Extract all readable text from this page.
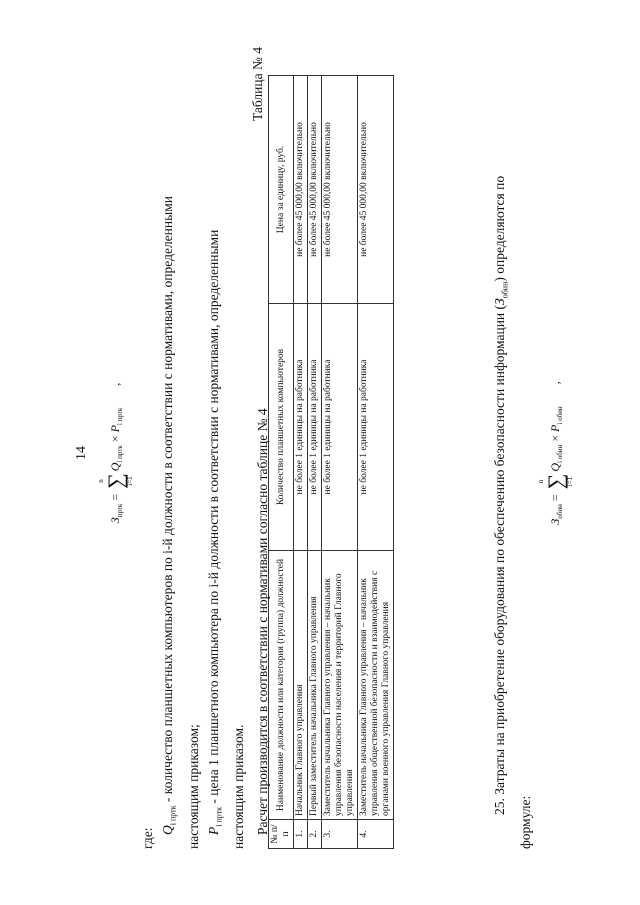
14
$З_{пртк}$ =
n
∑
i=1
$Q_{i пртк} \times P_{i пртк}$,
где: $Q_{i пртк}$ - количество планшетных компьютеров по i-й должности в соответствии с нормативами, определенными настоящим приказом; $P_{i пртк}$ - цена 1 планшетного компьютера по i-й должности в соответствии с нормативами, определенными настоящим приказом. Расчет производится в соответствии с нормативами согласно таблице № 4
Таблица № 4
№ п/п	Наименование должности или категория (группа) должностей	Количество планшетных компьютеров	Цена за единицу, руб.
1.	Начальник Главного управления	не более 1 единицы на работника	не более 45 000,00 включительно
2.	Первый заместитель начальника Главного управления	не более 1 единицы на работника	не более 45 000,00 включительно
3.	Заместитель начальника Главного управления – начальник управления безопасности населения и территорий Главного управления	не более 1 единицы на работника	не более 45 000,00 включительно
4.	Заместитель начальника Главного управления – начальник управления общественной безопасности и взаимодействия с органами военного управления Главного управления	не более 1 единицы на работника	не более 45 000,00 включительно
25. Затраты на приобретение оборудования по обеспечению безопасности информации $(З_{обин})$ определяются по
формуле:
$З_{обин}$ =
n
∑
i=1
$Q_{i обин} \times P_{i обин}$,
